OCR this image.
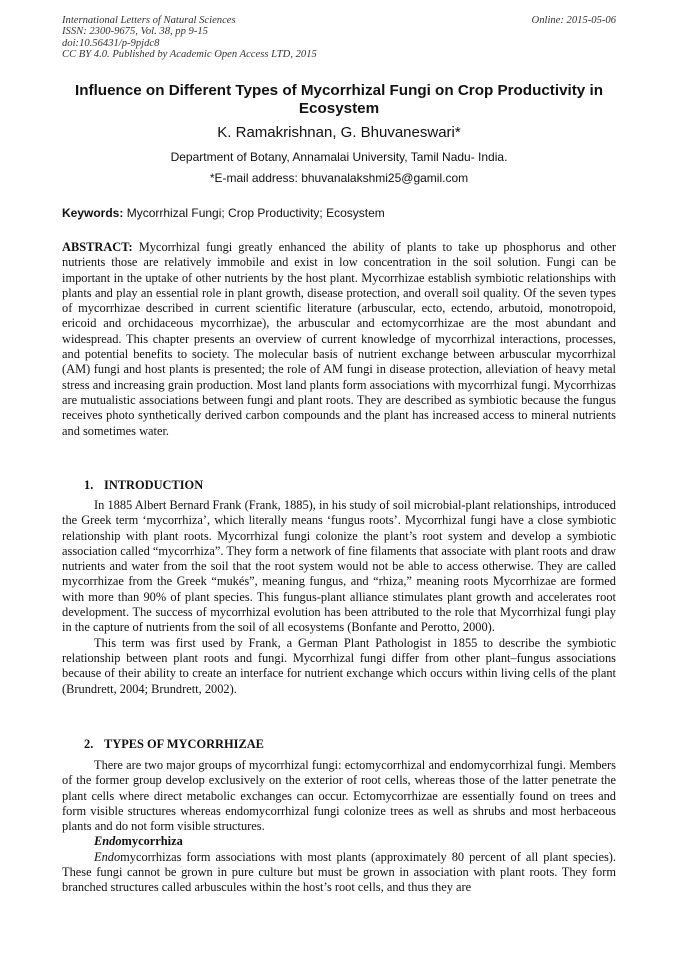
International Letters of Natural Sciences
ISSN: 2300-9675, Vol. 38, pp 9-15
doi:10.56431/p-9pjdc8
CC BY 4.0. Published by Academic Open Access LTD, 2015
Online: 2015-05-06
Influence on Different Types of Mycorrhizal Fungi on Crop Productivity in Ecosystem
K. Ramakrishnan, G. Bhuvaneswari*
Department of Botany, Annamalai University, Tamil Nadu- India.
*E-mail address: bhuvanalakshmi25@gamil.com
Keywords: Mycorrhizal Fungi; Crop Productivity; Ecosystem
ABSTRACT: Mycorrhizal fungi greatly enhanced the ability of plants to take up phosphorus and other nutrients those are relatively immobile and exist in low concentration in the soil solution. Fungi can be important in the uptake of other nutrients by the host plant. Mycorrhizae establish symbiotic relationships with plants and play an essential role in plant growth, disease protection, and overall soil quality. Of the seven types of mycorrhizae described in current scientific literature (arbuscular, ecto, ectendo, arbutoid, monotropoid, ericoid and orchidaceous mycorrhizae), the arbuscular and ectomycorrhizae are the most abundant and widespread. This chapter presents an overview of current knowledge of mycorrhizal interactions, processes, and potential benefits to society. The molecular basis of nutrient exchange between arbuscular mycorrhizal (AM) fungi and host plants is presented; the role of AM fungi in disease protection, alleviation of heavy metal stress and increasing grain production. Most land plants form associations with mycorrhizal fungi. Mycorrhizas are mutualistic associations between fungi and plant roots. They are described as symbiotic because the fungus receives photo synthetically derived carbon compounds and the plant has increased access to mineral nutrients and sometimes water.
1. INTRODUCTION

In 1885 Albert Bernard Frank (Frank, 1885), in his study of soil microbial-plant relationships, introduced the Greek term ‘mycorrhiza’, which literally means ‘fungus roots’. Mycorrhizal fungi have a close symbiotic relationship with plant roots. Mycorrhizal fungi colonize the plant’s root system and develop a symbiotic association called “mycorrhiza”. They form a network of fine filaments that associate with plant roots and draw nutrients and water from the soil that the root system would not be able to access otherwise. They are called mycorrhizae from the Greek “mukés”, meaning fungus, and “rhiza,” meaning roots Mycorrhizae are formed with more than 90% of plant species. This fungus-plant alliance stimulates plant growth and accelerates root development. The success of mycorrhizal evolution has been attributed to the role that Mycorrhizal fungi play in the capture of nutrients from the soil of all ecosystems (Bonfante and Perotto, 2000).

This term was first used by Frank, a German Plant Pathologist in 1855 to describe the symbiotic relationship between plant roots and fungi. Mycorrhizal fungi differ from other plant–fungus associations because of their ability to create an interface for nutrient exchange which occurs within living cells of the plant (Brundrett, 2004; Brundrett, 2002).

2. TYPES OF MYCORRHIZAE

There are two major groups of mycorrhizal fungi: ectomycorrhizal and endomycorrhizal fungi. Members of the former group develop exclusively on the exterior of root cells, whereas those of the latter penetrate the plant cells where direct metabolic exchanges can occur. Ectomycorrhizae are essentially found on trees and form visible structures whereas endomycorrhizal fungi colonize trees as well as shrubs and most herbaceous plants and do not form visible structures.

Endomycorrhiza

Endomycorrhizas form associations with most plants (approximately 80 percent of all plant species). These fungi cannot be grown in pure culture but must be grown in association with plant roots. They form branched structures called arbuscules within the host’s root cells, and thus they are
